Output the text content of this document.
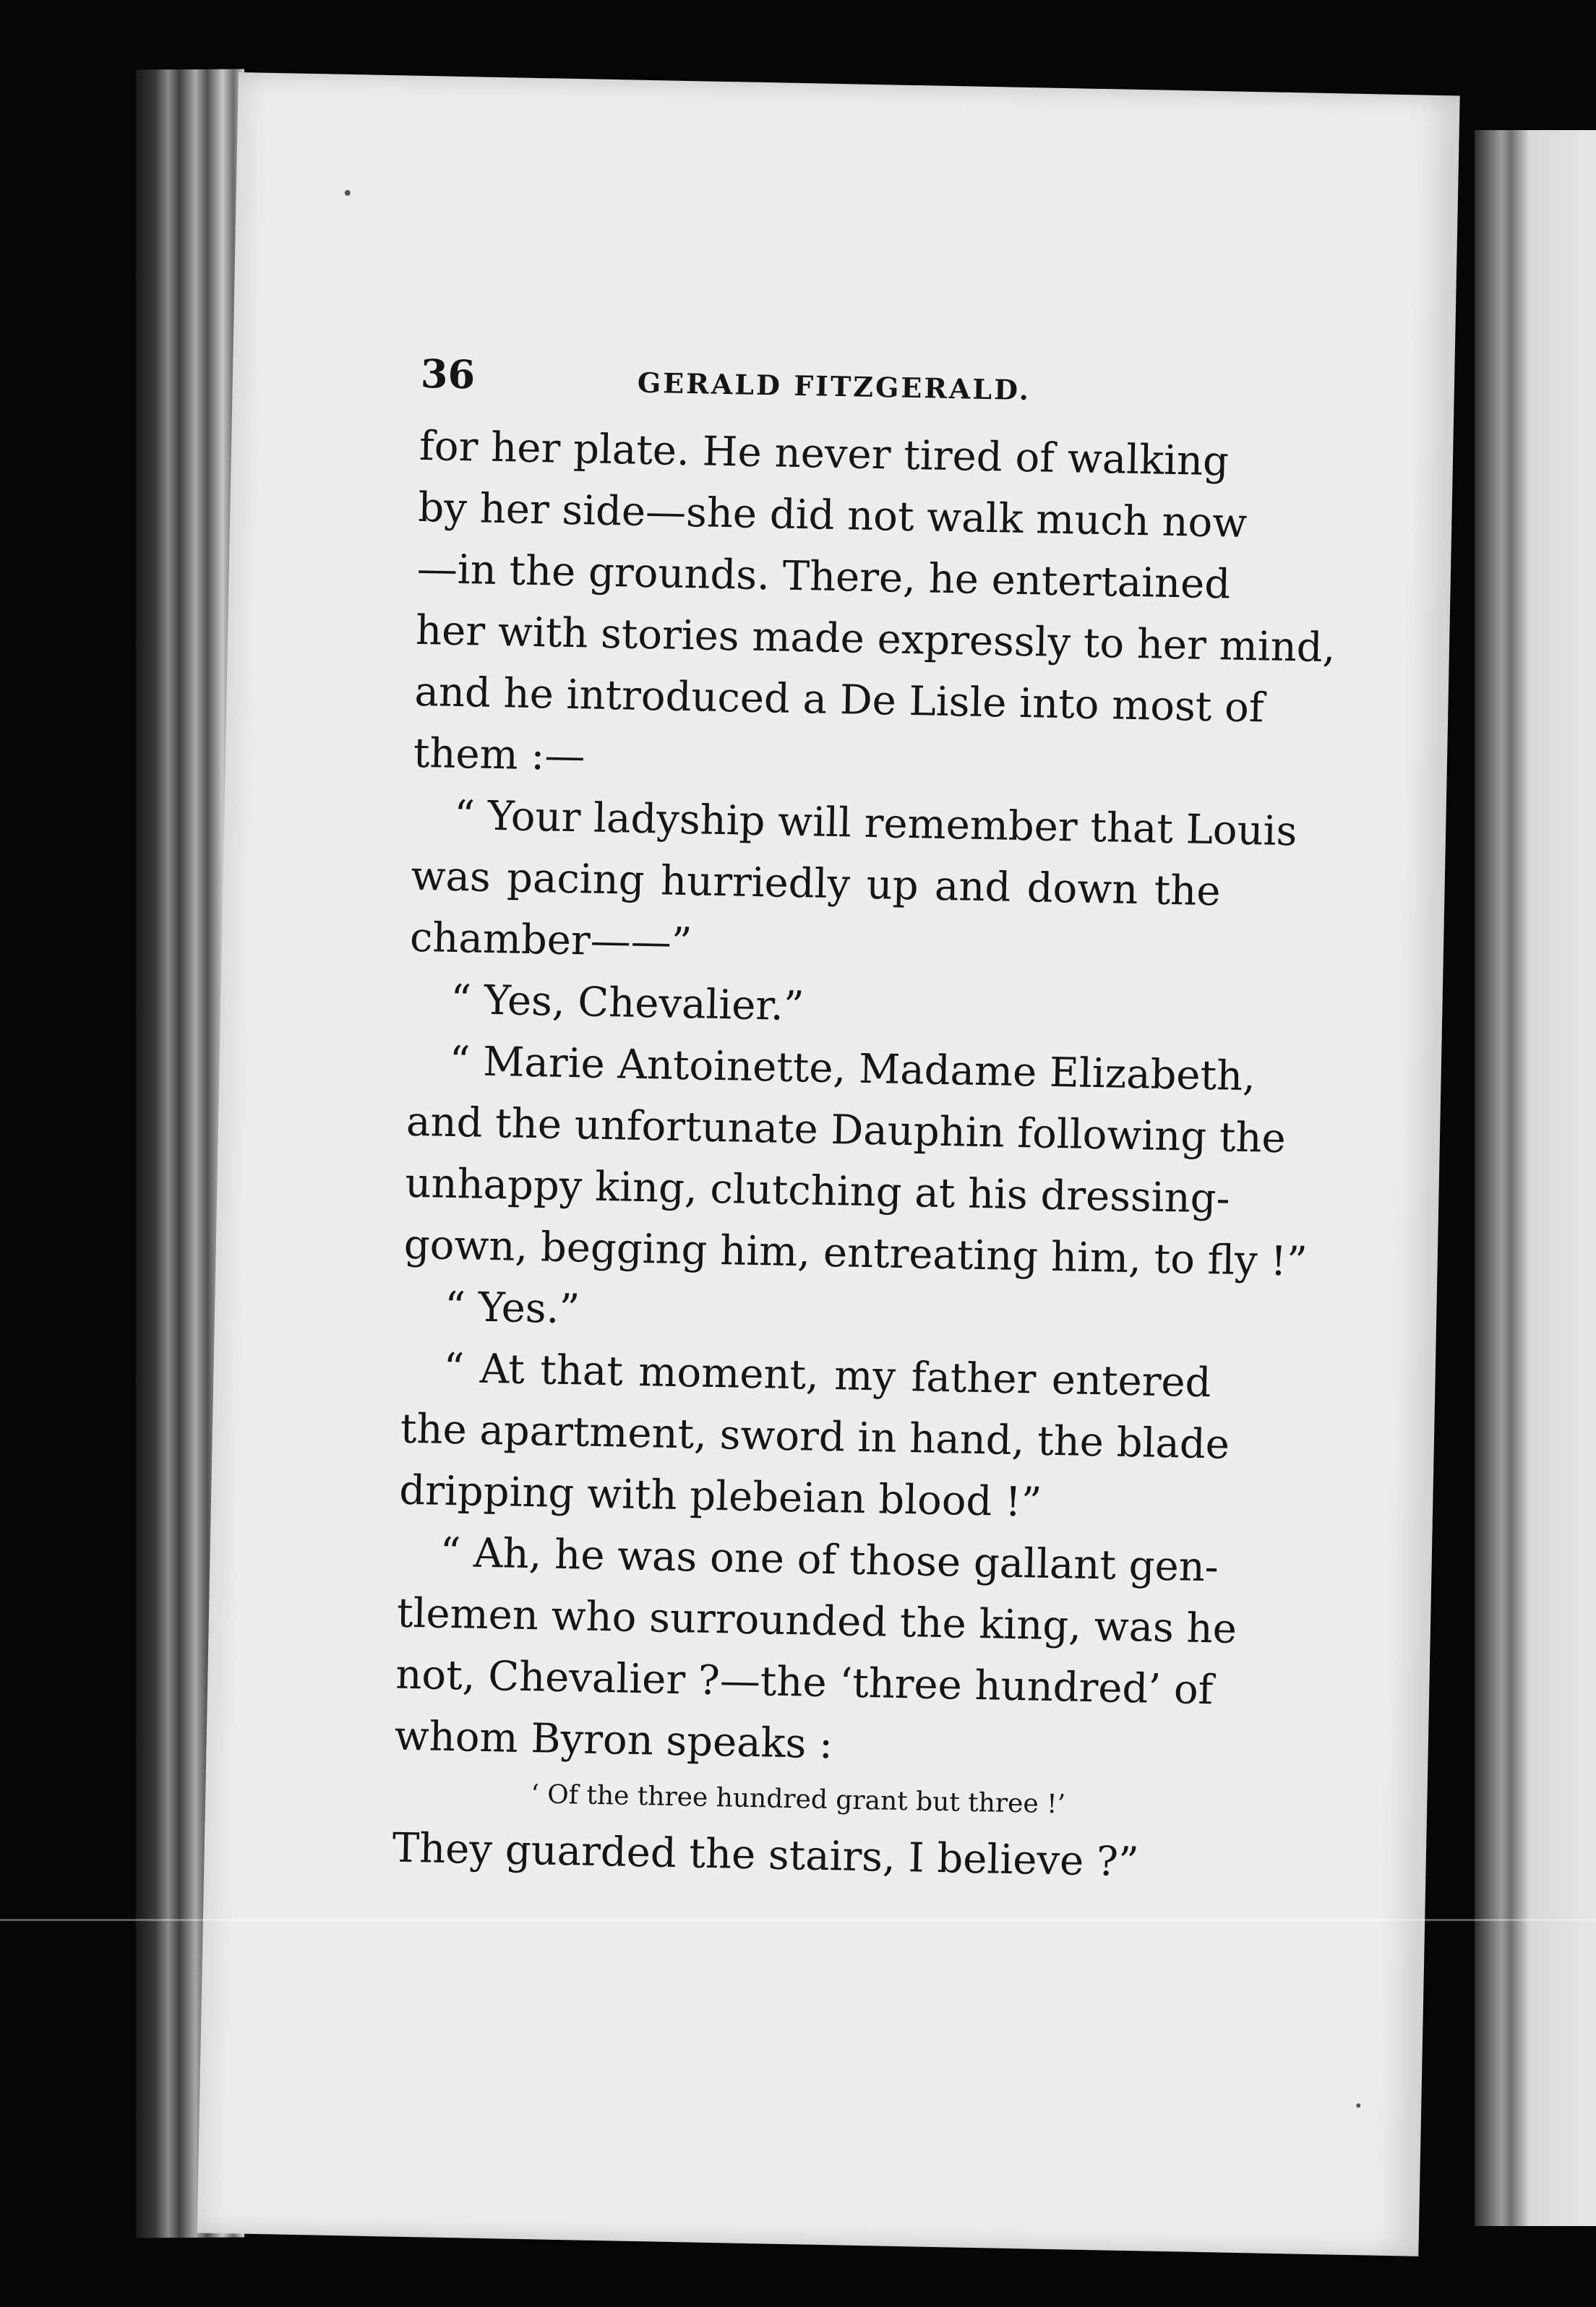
36	GERALD FITZGERALD.
for her plate. He never tired of walking
by her side—she did not walk much now
—in the grounds. There, he entertained
her with stories made expressly to her mind,
and he introduced a De Lisle into most of
them :—
“ Your ladyship will remember that Louis
was pacing hurriedly up and down the
chamber——”
“ Yes, Chevalier.”
“ Marie Antoinette, Madame Elizabeth,
and the unfortunate Dauphin following the
unhappy king, clutching at his dressing-
gown, begging him, entreating him, to fly !”
“ Yes.”
“ At that moment, my father entered
the apartment, sword in hand, the blade
dripping with plebeian blood !”
“ Ah, he was one of those gallant gen-
tlemen who surrounded the king, was he
not, Chevalier ?—the ‘three hundred’ of
whom Byron speaks :
‘ Of the three hundred grant but three !’
They guarded the stairs, I believe ?”
